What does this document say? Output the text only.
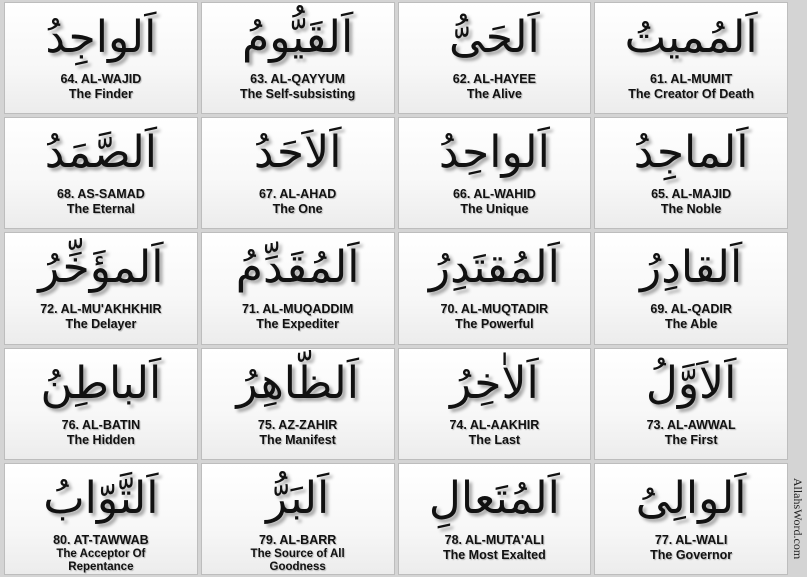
اَلواجِدُ
64. AL-WAJID
The Finder
اَلقَيُّومُ
63. AL-QAYYUM
The Self-subsisting
اَلحَىُّ
62. AL-HAYEE
The Alive
اَلمُميتُ
61. AL-MUMIT
The Creator Of Death
اَلصَّمَدُ
68. AS-SAMAD
The Eternal
اَلاَحَدُ
67. AL-AHAD
The One
اَلواحِدُ
66. AL-WAHID
The Unique
اَلماجِدُ
65. AL-MAJID
The Noble
اَلمؤَخِّرُ
72. AL-MU'AKHKHIR
The Delayer
اَلمُقَدِّمُ
71. AL-MUQADDIM
The Expediter
اَلمُقتَدِرُ
70. AL-MUQTADIR
The Powerful
اَلقادِرُ
69. AL-QADIR
The Able
اَلباطِنُ
76. AL-BATIN
The Hidden
اَلظّاهِرُ
75. AZ-ZAHIR
The Manifest
اَلاٰخِرُ
74. AL-AAKHIR
The Last
اَلاَوَّلُ
73. AL-AWWAL
The First
اَلتَّوّابُ
80. AT-TAWWAB
The Acceptor Of Repentance
اَلبَرُّ
79. AL-BARR
The Source of All Goodness
اَلمُتَعالِ
78. AL-MUTA'ALI
The Most Exalted
اَلوالِىُ
77. AL-WALI
The Governor	AllahsWord.com
